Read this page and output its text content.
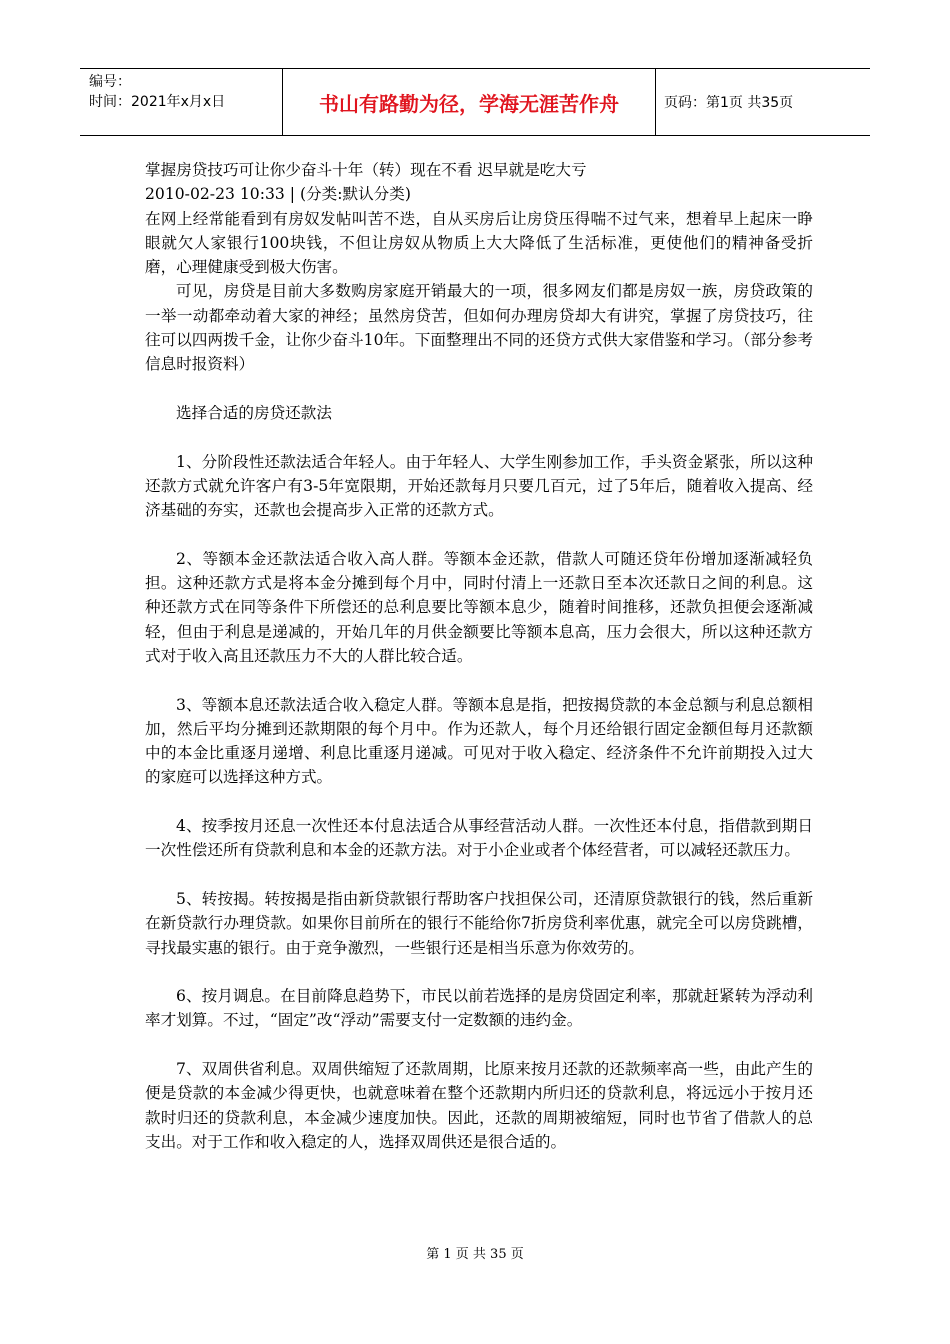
编号：
时间：2021年x月x日	书山有路勤为径，学海无涯苦作舟	页码：第1页 共35页

掌握房贷技巧可让你少奋斗十年（转）现在不看 迟早就是吃大亏

2010-02-23 10:33 | (分类:默认分类)

在网上经常能看到有房奴发帖叫苦不迭，自从买房后让房贷压得喘不过气来，想着早上起床一睁眼就欠人家银行100块钱，不但让房奴从物质上大大降低了生活标准，更使他们的精神备受折磨，心理健康受到极大伤害。

可见，房贷是目前大多数购房家庭开销最大的一项，很多网友们都是房奴一族，房贷政策的一举一动都牵动着大家的神经；虽然房贷苦，但如何办理房贷却大有讲究，掌握了房贷技巧，往往可以四两拨千金，让你少奋斗10年。下面整理出不同的还贷方式供大家借鉴和学习。（部分参考信息时报资料）

选择合适的房贷还款法

1、分阶段性还款法适合年轻人。由于年轻人、大学生刚参加工作，手头资金紧张，所以这种还款方式就允许客户有3-5年宽限期，开始还款每月只要几百元，过了5年后，随着收入提高、经济基础的夯实，还款也会提高步入正常的还款方式。

2、等额本金还款法适合收入高人群。等额本金还款，借款人可随还贷年份增加逐渐减轻负担。这种还款方式是将本金分摊到每个月中，同时付清上一还款日至本次还款日之间的利息。这种还款方式在同等条件下所偿还的总利息要比等额本息少，随着时间推移，还款负担便会逐渐减轻，但由于利息是递减的，开始几年的月供金额要比等额本息高，压力会很大，所以这种还款方式对于收入高且还款压力不大的人群比较合适。

3、等额本息还款法适合收入稳定人群。等额本息是指，把按揭贷款的本金总额与利息总额相加，然后平均分摊到还款期限的每个月中。作为还款人，每个月还给银行固定金额但每月还款额中的本金比重逐月递增、利息比重逐月递减。可见对于收入稳定、经济条件不允许前期投入过大的家庭可以选择这种方式。

4、按季按月还息一次性还本付息法适合从事经营活动人群。一次性还本付息，指借款到期日一次性偿还所有贷款利息和本金的还款方法。对于小企业或者个体经营者，可以减轻还款压力。

5、转按揭。转按揭是指由新贷款银行帮助客户找担保公司，还清原贷款银行的钱，然后重新在新贷款行办理贷款。如果你目前所在的银行不能给你7折房贷利率优惠，就完全可以房贷跳槽，寻找最实惠的银行。由于竞争激烈，一些银行还是相当乐意为你效劳的。

6、按月调息。在目前降息趋势下，市民以前若选择的是房贷固定利率，那就赶紧转为浮动利率才划算。不过，“固定”改“浮动”需要支付一定数额的违约金。

7、双周供省利息。双周供缩短了还款周期，比原来按月还款的还款频率高一些，由此产生的便是贷款的本金减少得更快，也就意味着在整个还款期内所归还的贷款利息，将远远小于按月还款时归还的贷款利息，本金减少速度加快。因此，还款的周期被缩短，同时也节省了借款人的总支出。对于工作和收入稳定的人，选择双周供还是很合适的。

第 1 页 共 35 页
